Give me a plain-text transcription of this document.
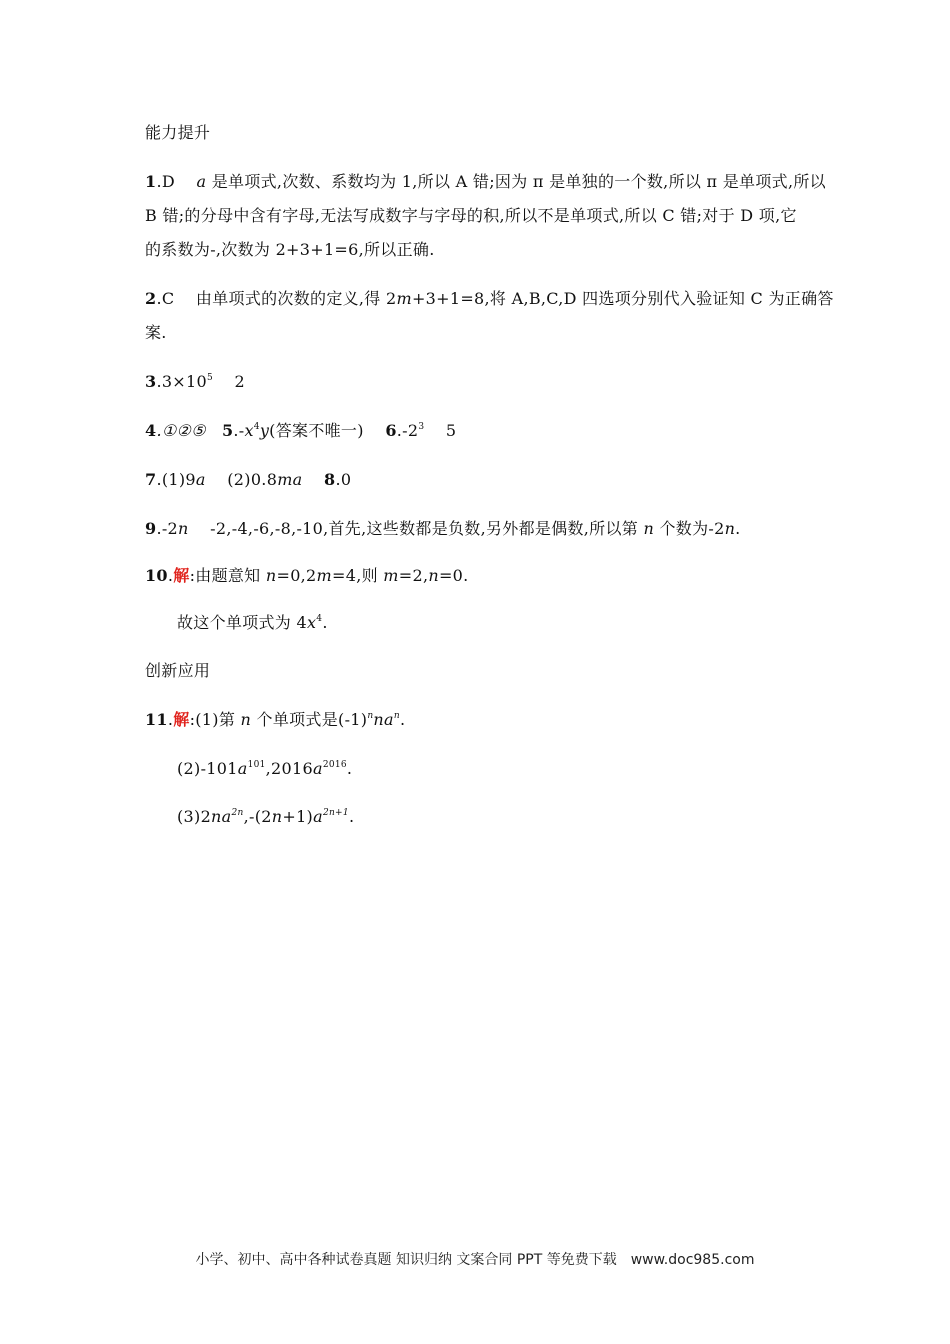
能力提升
1.D a 是单项式,次数、系数均为 1,所以 A 错;因为 π 是单独的一个数,所以 π 是单项式,所以
B 错;的分母中含有字母,无法写成数字与字母的积,所以不是单项式,所以 C 错;对于 D 项,它
的系数为-,次数为 2+3+1=6,所以正确.
2.C 由单项式的次数的定义,得 2m+3+1=8,将 A,B,C,D 四选项分别代入验证知 C 为正确答
案.
$3.3\times 10^5$ 2
4.①②⑤ $5.-x^4y$(答案不唯一) $6.-2^3$ 5
7.(1)9a (2)0.8ma 8.0
9.-2n -2,-4,-6,-8,-10,首先,这些数都是负数,另外都是偶数,所以第 n 个数为-2n.
10.解:由题意知 n=0,2m=4,则 m=2,n=0.
故这个单项式为 $4x^4$.
创新应用
11.解:(1)第 n 个单项式是$(-1)^nna^n$.
$(2)-101a^{101},2016a^{2016}$.
$(3)2na^{2n},-(2n+1)a^{2n+1}$.
小学、初中、高中各种试卷真题 知识归纳 文案合同 PPT 等免费下载　www.doc985.com
